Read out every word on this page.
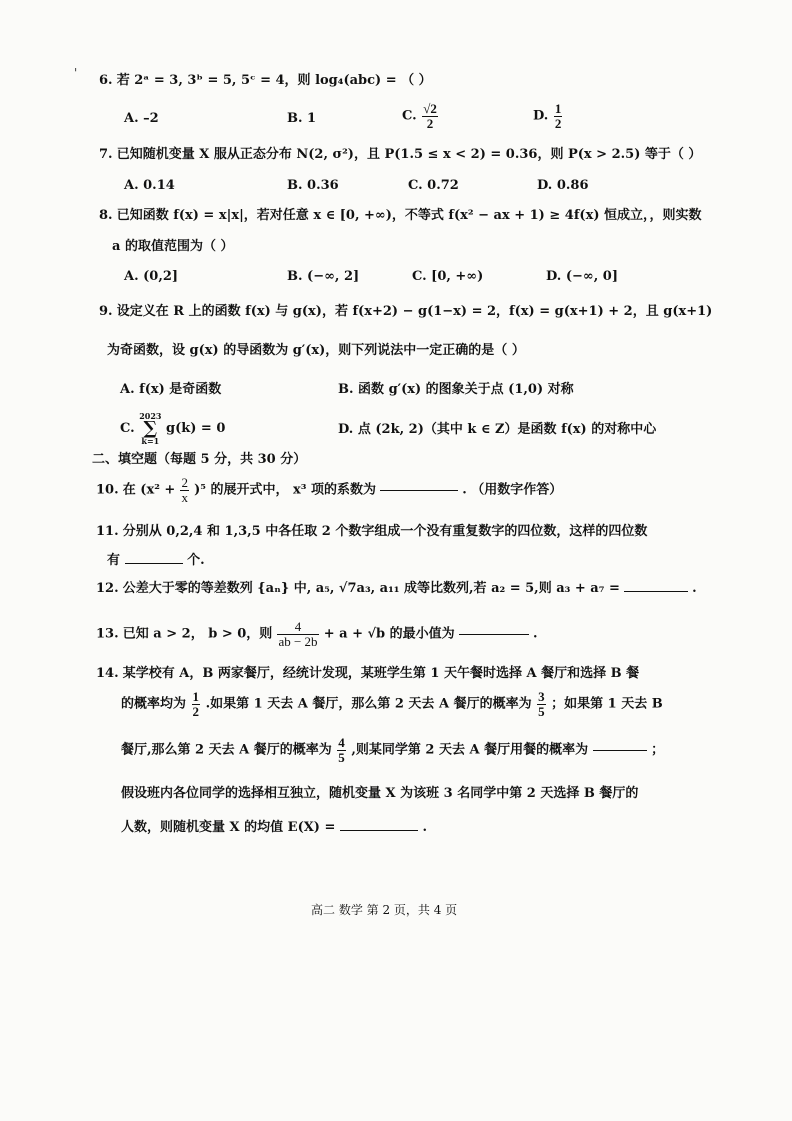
' 6. 若 2ᵃ = 3, 3ᵇ = 5, 5ᶜ = 4，则 log₄(abc) = （ ）
A. –2	B. 1	C. $\frac{√2}{2}$	D. $\frac{1}{2}$
7. 已知随机变量 X 服从正态分布 N(2, σ²)，且 P(1.5 ≤ x < 2) = 0.36，则 P(x > 2.5) 等于（ ）
A. 0.14	B. 0.36	C. 0.72	D. 0.86
8. 已知函数 f(x) = x|x|，若对任意 x ∈ [0, +∞)，不等式 f(x² − ax + 1) ≥ 4f(x) 恒成立，，则实数
a 的取值范围为（ ）
A. (0,2]	B. (−∞, 2]	C. [0, +∞)	D. (−∞, 0]
9. 设定义在 R 上的函数 f(x) 与 g(x)，若 f(x+2) − g(1−x) = 2，f(x) = g(x+1) + 2，且 g(x+1)
为奇函数，设 g(x) 的导函数为 g′(x)，则下列说法中一定正确的是（ ）
A. f(x) 是奇函数	B. 函数 g′(x) 的图象关于点 (1,0) 对称
C.
2023
∑
k=1
g(k) = 0	D. 点 (2k, 2)（其中 k ∈ Z）是函数 f(x) 的对称中心
二、填空题（每题 5 分，共 30 分）
10. 在 $(x^2 + \frac{2}{x} )^5$ 的展开式中， x³ 项的系数为	. （用数字作答）
11. 分别从 0,2,4 和 1,3,5 中各任取 2 个数字组成一个没有重复数字的四位数，这样的四位数
有	个.
12. 公差大于零的等差数列 {aₙ} 中, a₅, √7a₃, a₁₁ 成等比数列,若 a₂ = 5,则 a₃ + a₇ =	.
13. 已知 a > 2， b > 0，则 $\frac{4}{ab - 2b} + a + √b$ 的最小值为	.
14. 某学校有 A，B 两家餐厅，经统计发现，某班学生第 1 天午餐时选择 A 餐厅和选择 B 餐
的概率均为 $\frac{1}{2}$ .如果第 1 天去 A 餐厅，那么第 2 天去 A 餐厅的概率为 $\frac{3}{5}$ ；如果第 1 天去 B
餐厅,那么第 2 天去 A 餐厅的概率为 $\frac{4}{5}$ ,则某同学第 2 天去 A 餐厅用餐的概率为	；
假设班内各位同学的选择相互独立，随机变量 X 为该班 3 名同学中第 2 天选择 B 餐厅的
人数，则随机变量 X 的均值 E(X) =	.
高二 数学 第 2 页，共 4 页
